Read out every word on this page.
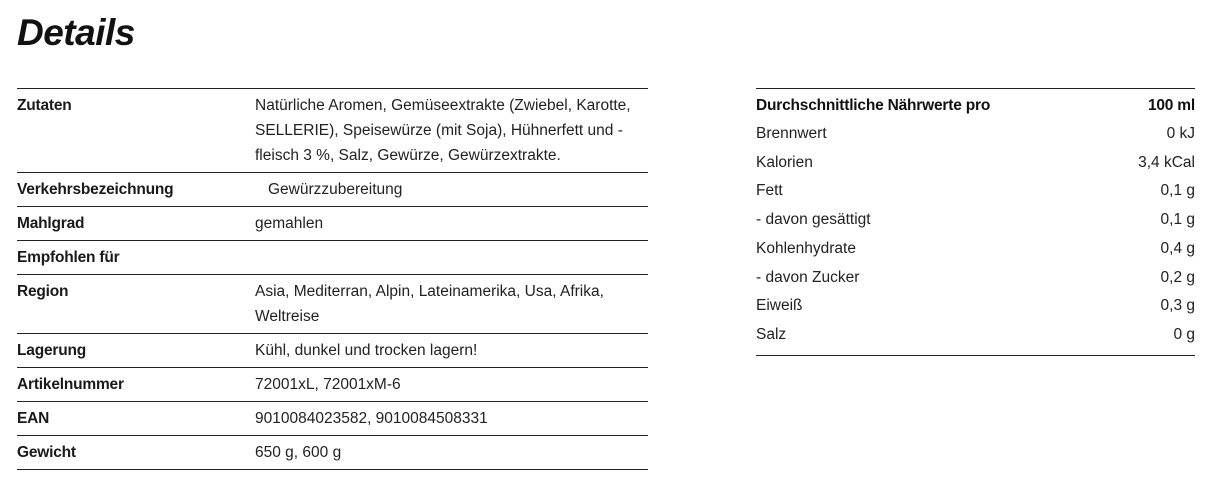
Details
Zutaten	Natürliche Aromen, Gemüseextrakte (Zwiebel, Karotte, SELLERIE), Speisewürze (mit Soja), Hühnerfett und -fleisch 3 %, Salz, Gewürze, Gewürzextrakte.
Verkehrsbezeichnung	Gewürzzubereitung
Mahlgrad	gemahlen
Empfohlen für
Region	Asia, Mediterran, Alpin, Lateinamerika, Usa, Afrika, Weltreise
Lagerung	Kühl, dunkel und trocken lagern!
Artikelnummer	72001xL, 72001xM-6
EAN	9010084023582, 9010084508331
Gewicht	650 g, 600 g
Durchschnittliche Nährwerte pro	100 ml
Brennwert	0 kJ
Kalorien	3,4 kCal
Fett	0,1 g
- davon gesättigt	0,1 g
Kohlenhydrate	0,4 g
- davon Zucker	0,2 g
Eiweiß	0,3 g
Salz	0 g
